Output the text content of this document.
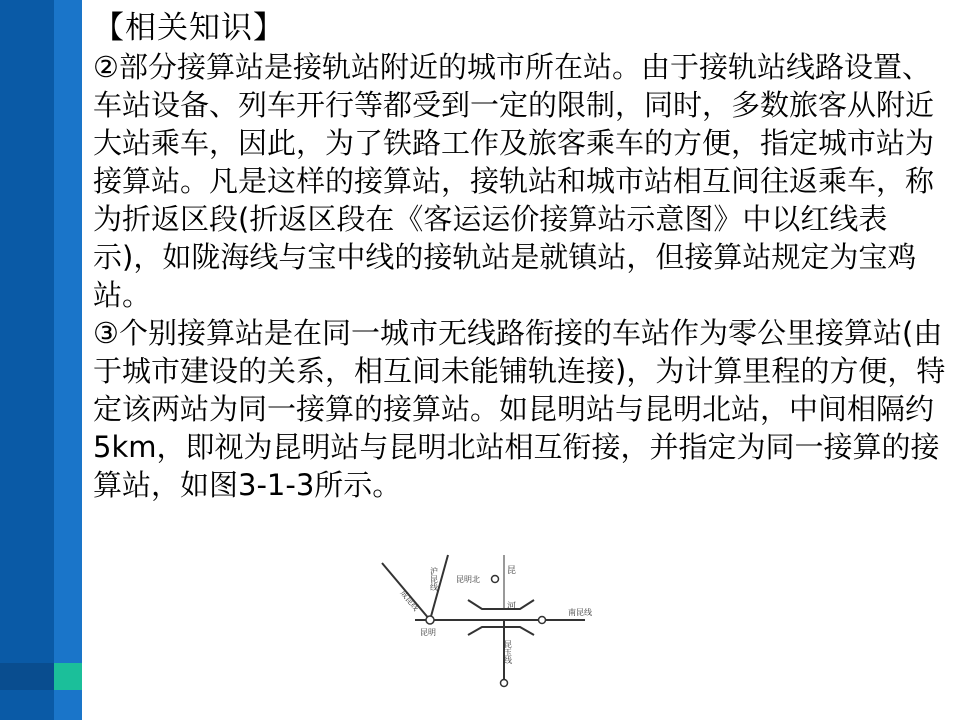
【相关知识】

②部分接算站是接轨站附近的城市所在站。由于接轨站线路设置、车站设备、列车开行等都受到一定的限制，同时，多数旅客从附近大站乘车，因此，为了铁路工作及旅客乘车的方便，指定城市站为接算站。凡是这样的接算站，接轨站和城市站相互间往返乘车，称为折返区段(折返区段在《客运运价接算站示意图》中以红线表示)，如陇海线与宝中线的接轨站是就镇站，但接算站规定为宝鸡站。

③个别接算站是在同一城市无线路衔接的车站作为零公里接算站(由于城市建设的关系，相互间未能铺轨连接)，为计算里程的方便，特定该两站为同一接算的接算站。如昆明站与昆明北站，中间相隔约5km，即视为昆明站与昆明北站相互衔接，并指定为同一接算的接算站，如图3-1-3所示。

沪昆线
成昆线
昆明北
昆
河
南昆线
昆明
昆玉线
